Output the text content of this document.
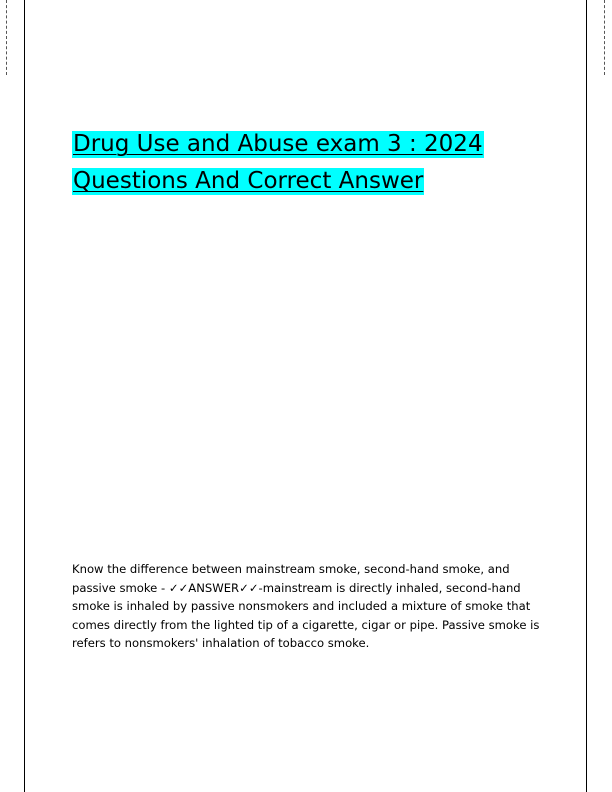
Drug Use and Abuse exam 3 : 2024
Questions And Correct Answer

Know the difference between mainstream smoke, second-hand smoke, and passive smoke - ✓✓ANSWER✓✓-mainstream is directly inhaled, second-hand smoke is inhaled by passive nonsmokers and included a mixture of smoke that comes directly from the lighted tip of a cigarette, cigar or pipe. Passive smoke is refers to nonsmokers' inhalation of tobacco smoke.
